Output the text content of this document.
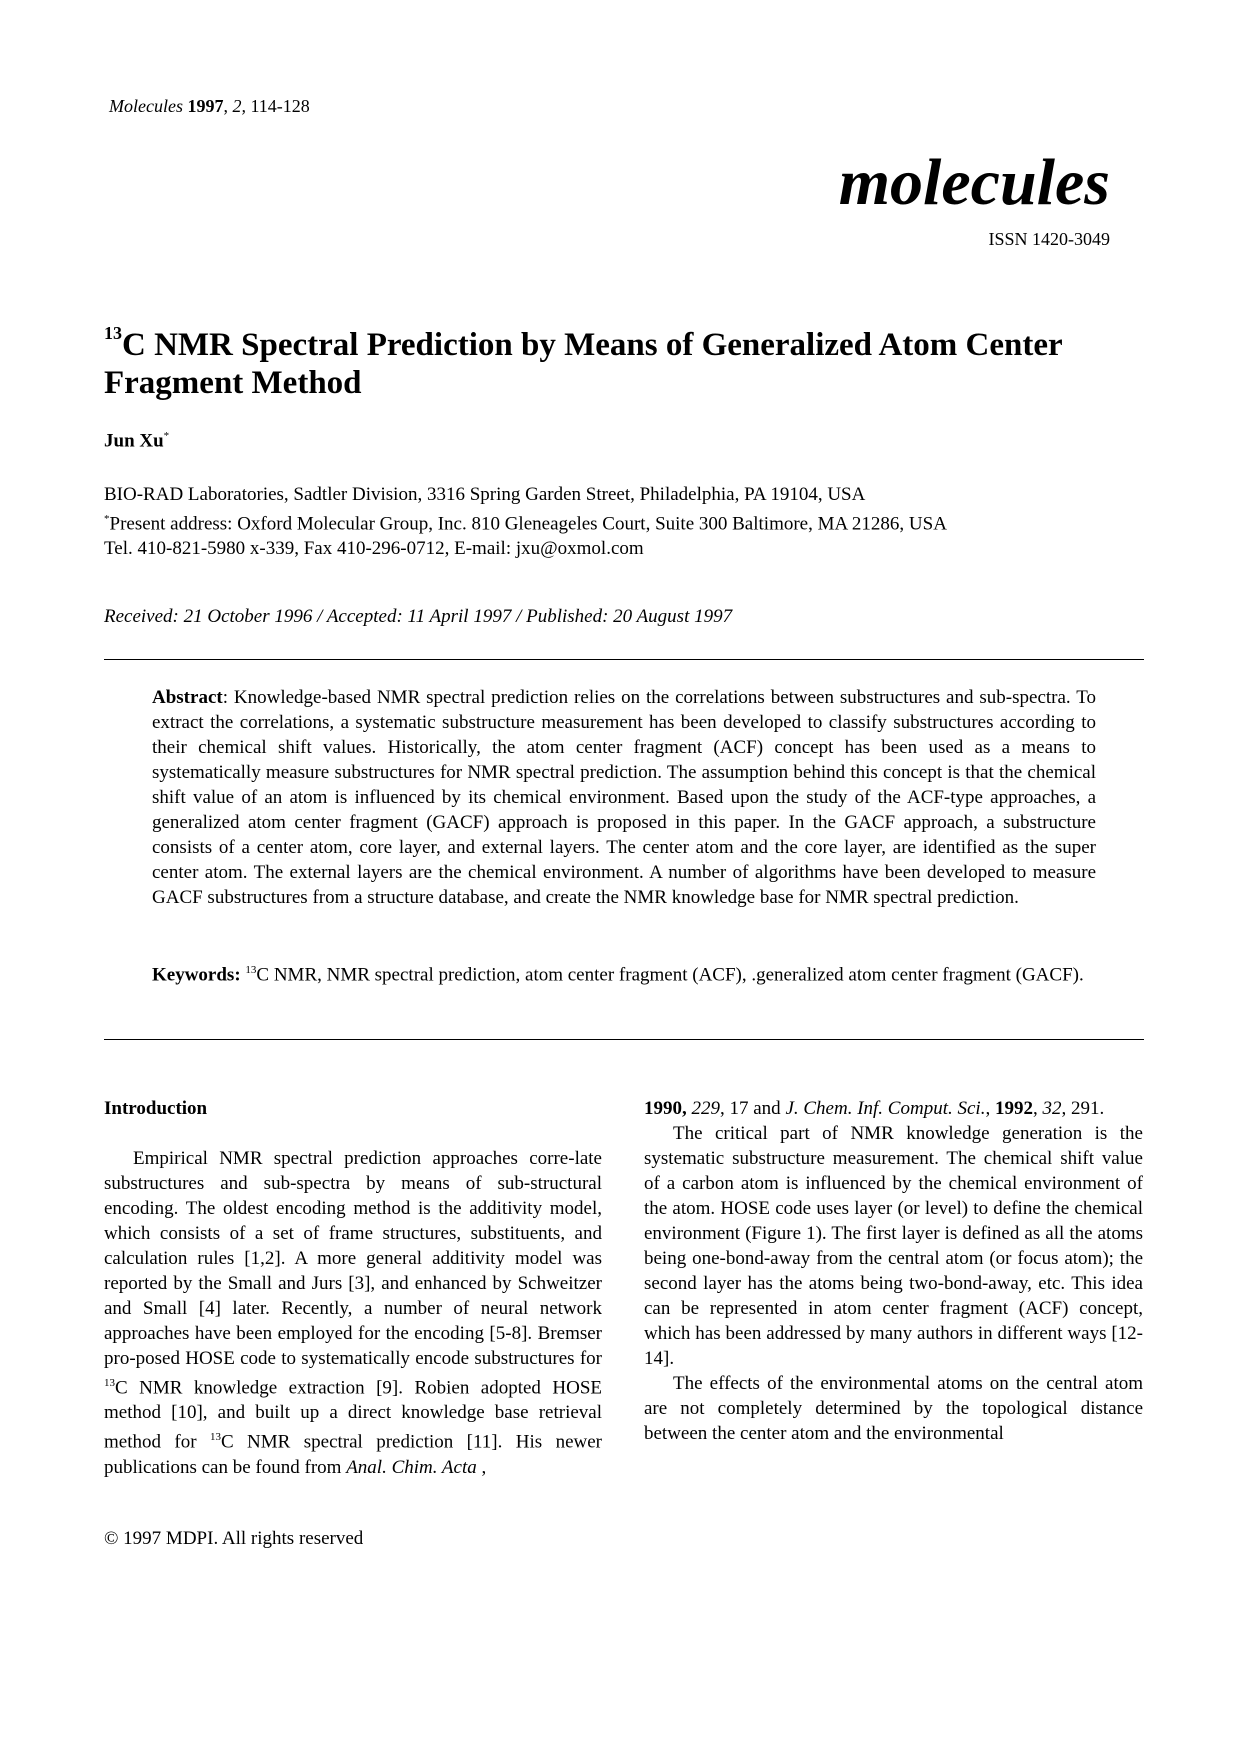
Molecules 1997, 2, 114-128
molecules
ISSN 1420-3049
$^{13}$C NMR Spectral Prediction by Means of Generalized Atom Center Fragment Method
Jun Xu*
BIO-RAD Laboratories, Sadtler Division, 3316 Spring Garden Street, Philadelphia, PA 19104, USA
*Present address: Oxford Molecular Group, Inc. 810 Gleneageles Court, Suite 300 Baltimore, MA 21286, USA
Tel. 410-821-5980 x-339, Fax 410-296-0712, E-mail: jxu@oxmol.com
Received: 21 October 1996 / Accepted: 11 April 1997 / Published: 20 August 1997

Abstract: Knowledge-based NMR spectral prediction relies on the correlations between substructures and sub-spectra. To extract the correlations, a systematic substructure measurement has been developed to classify substructures according to their chemical shift values. Historically, the atom center fragment (ACF) concept has been used as a means to systematically measure substructures for NMR spectral prediction. The assumption behind this concept is that the chemical shift value of an atom is influenced by its chemical environment. Based upon the study of the ACF-type approaches, a generalized atom center fragment (GACF) approach is proposed in this paper. In the GACF approach, a substructure consists of a center atom, core layer, and external layers. The center atom and the core layer, are identified as the super center atom. The external layers are the chemical environment. A number of algorithms have been developed to measure GACF substructures from a structure database, and create the NMR knowledge base for NMR spectral prediction.

Keywords: $^{13}$C NMR, NMR spectral prediction, atom center fragment (ACF), .generalized atom center fragment (GACF).

Introduction

Empirical NMR spectral prediction approaches corre-late substructures and sub-spectra by means of sub-structural encoding. The oldest encoding method is the additivity model, which consists of a set of frame structures, substituents, and calculation rules [1,2]. A more general additivity model was reported by the Small and Jurs [3], and enhanced by Schweitzer and Small [4] later. Recently, a number of neural network approaches have been employed for the encoding [5-8]. Bremser pro-posed HOSE code to systematically encode substructures for $^{13}$C NMR knowledge extraction [9]. Robien adopted HOSE method [10], and built up a direct knowledge base retrieval method for $^{13}$C NMR spectral prediction [11]. His newer publications can be found from Anal. Chim. Acta ,

1990, 229, 17 and J. Chem. Inf. Comput. Sci., 1992, 32, 291.

The critical part of NMR knowledge generation is the systematic substructure measurement. The chemical shift value of a carbon atom is influenced by the chemical environment of the atom. HOSE code uses layer (or level) to define the chemical environment (Figure 1). The first layer is defined as all the atoms being one-bond-away from the central atom (or focus atom); the second layer has the atoms being two-bond-away, etc. This idea can be represented in atom center fragment (ACF) concept, which has been addressed by many authors in different ways [12-14].

The effects of the environmental atoms on the central atom are not completely determined by the topological distance between the center atom and the environmental

© 1997 MDPI. All rights reserved
